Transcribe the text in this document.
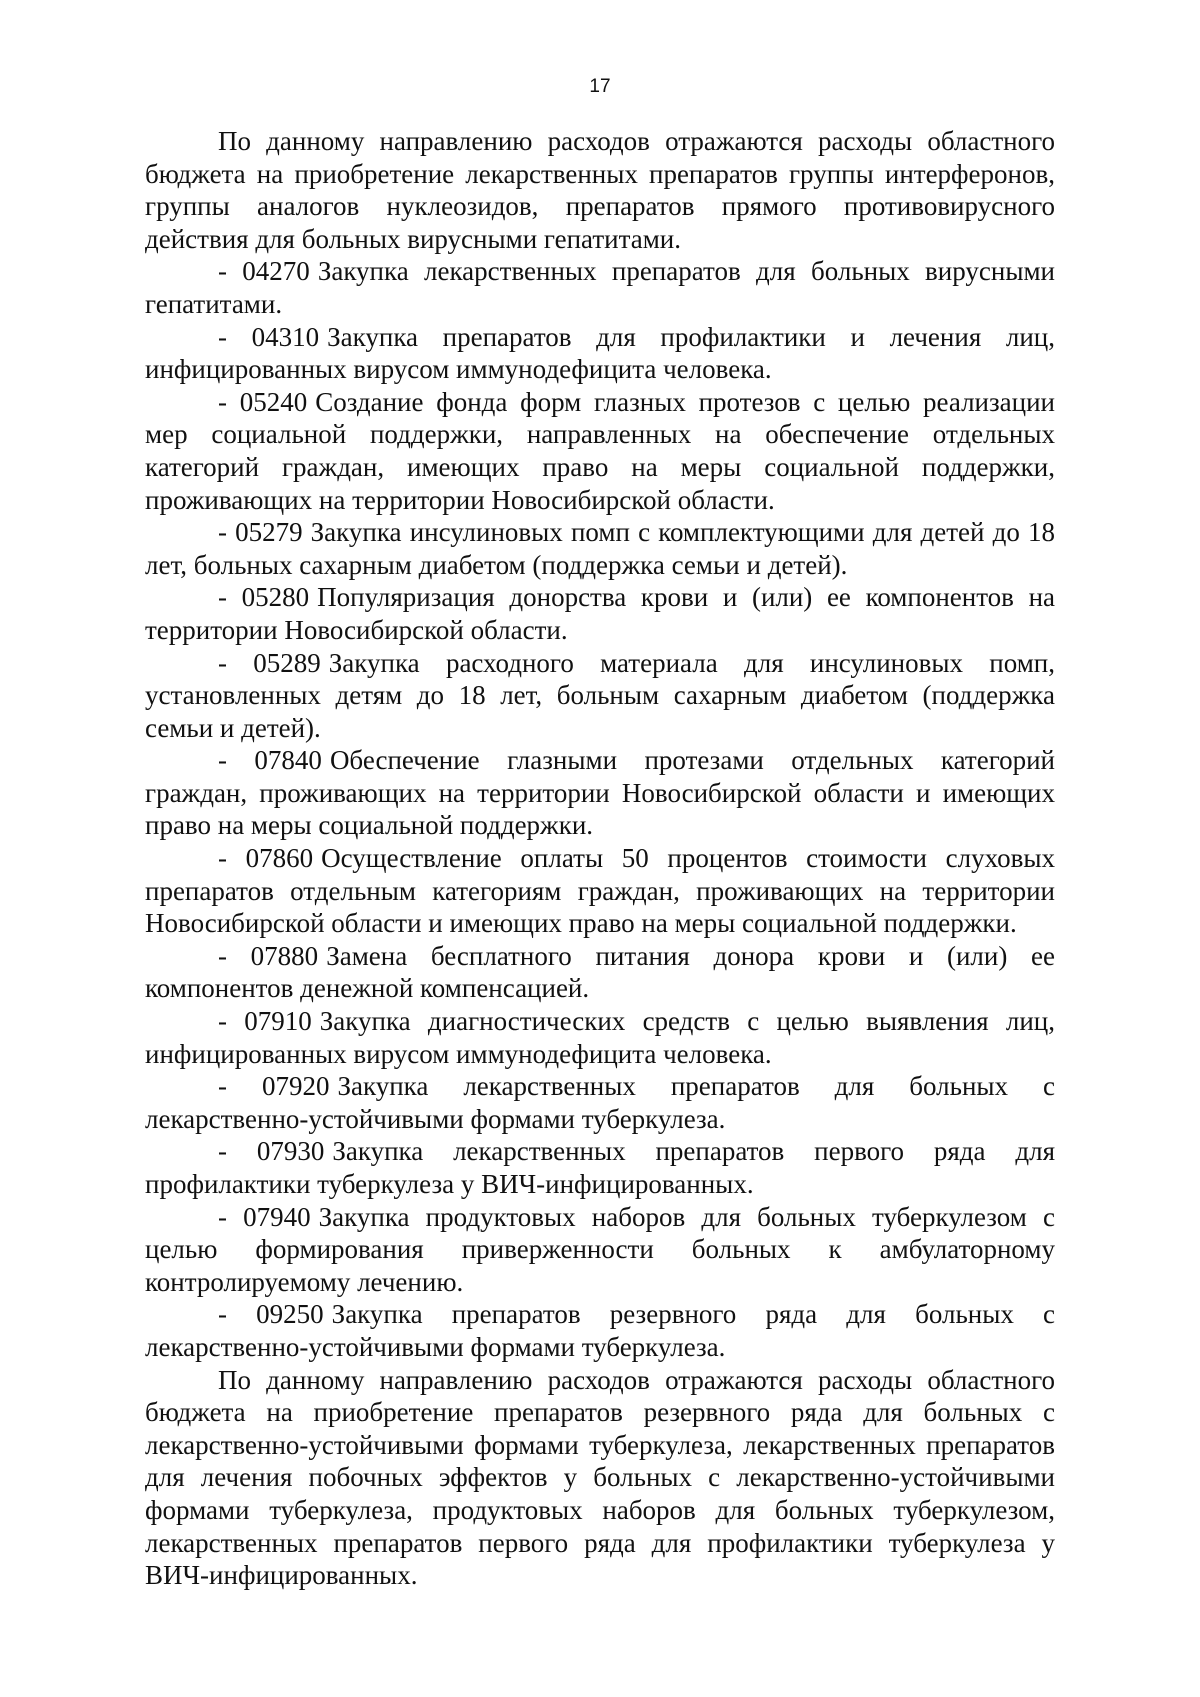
17

По данному направлению расходов отражаются расходы областного бюджета на приобретение лекарственных препаратов группы интерферонов, группы аналогов нуклеозидов, препаратов прямого противовирусного действия для больных вирусными гепатитами.

- 04270 Закупка лекарственных препаратов для больных вирусными гепатитами.

- 04310 Закупка препаратов для профилактики и лечения лиц, инфицированных вирусом иммунодефицита человека.

- 05240 Создание фонда форм глазных протезов с целью реализации мер социальной поддержки, направленных на обеспечение отдельных категорий граждан, имеющих право на меры социальной поддержки, проживающих на территории Новосибирской области.

- 05279 Закупка инсулиновых помп с комплектующими для детей до 18 лет, больных сахарным диабетом (поддержка семьи и детей).

- 05280 Популяризация донорства крови и (или) ее компонентов на территории Новосибирской области.

- 05289 Закупка расходного материала для инсулиновых помп, установленных детям до 18 лет, больным сахарным диабетом (поддержка семьи и детей).

- 07840 Обеспечение глазными протезами отдельных категорий граждан, проживающих на территории Новосибирской области и имеющих право на меры социальной поддержки.

- 07860 Осуществление оплаты 50 процентов стоимости слуховых препаратов отдельным категориям граждан, проживающих на территории Новосибирской области и имеющих право на меры социальной поддержки.

- 07880 Замена бесплатного питания донора крови и (или) ее компонентов денежной компенсацией.

- 07910 Закупка диагностических средств с целью выявления лиц, инфицированных вирусом иммунодефицита человека.

- 07920 Закупка лекарственных препаратов для больных с лекарственно-устойчивыми формами туберкулеза.

- 07930 Закупка лекарственных препаратов первого ряда для профилактики туберкулеза у ВИЧ-инфицированных.

- 07940 Закупка продуктовых наборов для больных туберкулезом с целью формирования приверженности больных к амбулаторному контролируемому лечению.

- 09250 Закупка препаратов резервного ряда для больных с лекарственно-устойчивыми формами туберкулеза.

По данному направлению расходов отражаются расходы областного бюджета на приобретение препаратов резервного ряда для больных с лекарственно-устойчивыми формами туберкулеза, лекарственных препаратов для лечения побочных эффектов у больных с лекарственно-устойчивыми формами туберкулеза, продуктовых наборов для больных туберкулезом, лекарственных препаратов первого ряда для профилактики туберкулеза у ВИЧ-инфицированных.
